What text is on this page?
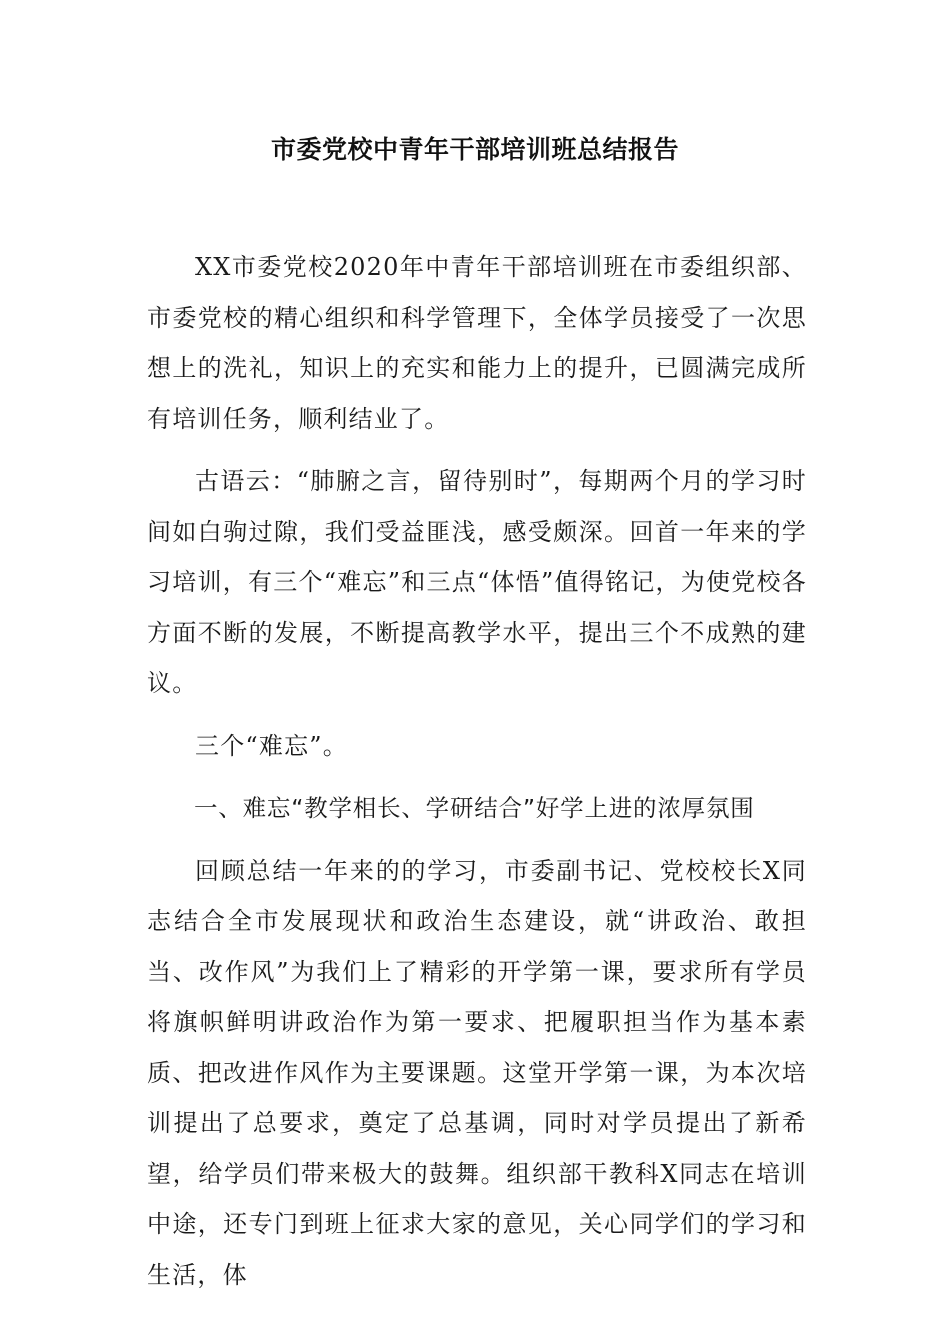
市委党校中青年干部培训班总结报告

XX市委党校2020年中青年干部培训班在市委组织部、市委党校的精心组织和科学管理下，全体学员接受了一次思想上的洗礼，知识上的充实和能力上的提升，已圆满完成所有培训任务，顺利结业了。

古语云：“肺腑之言，留待别时”，每期两个月的学习时间如白驹过隙，我们受益匪浅，感受颇深。回首一年来的学习培训，有三个“难忘”和三点“体悟”值得铭记，为使党校各方面不断的发展，不断提高教学水平，提出三个不成熟的建议。

三个“难忘”。

一、难忘“教学相长、学研结合”好学上进的浓厚氛围

回顾总结一年来的的学习，市委副书记、党校校长X同志结合全市发展现状和政治生态建设，就“讲政治、敢担当、改作风”为我们上了精彩的开学第一课，要求所有学员将旗帜鲜明讲政治作为第一要求、把履职担当作为基本素质、把改进作风作为主要课题。这堂开学第一课，为本次培训提出了总要求，奠定了总基调，同时对学员提出了新希望，给学员们带来极大的鼓舞。组织部干教科X同志在培训中途，还专门到班上征求大家的意见，关心同学们的学习和生活，体
